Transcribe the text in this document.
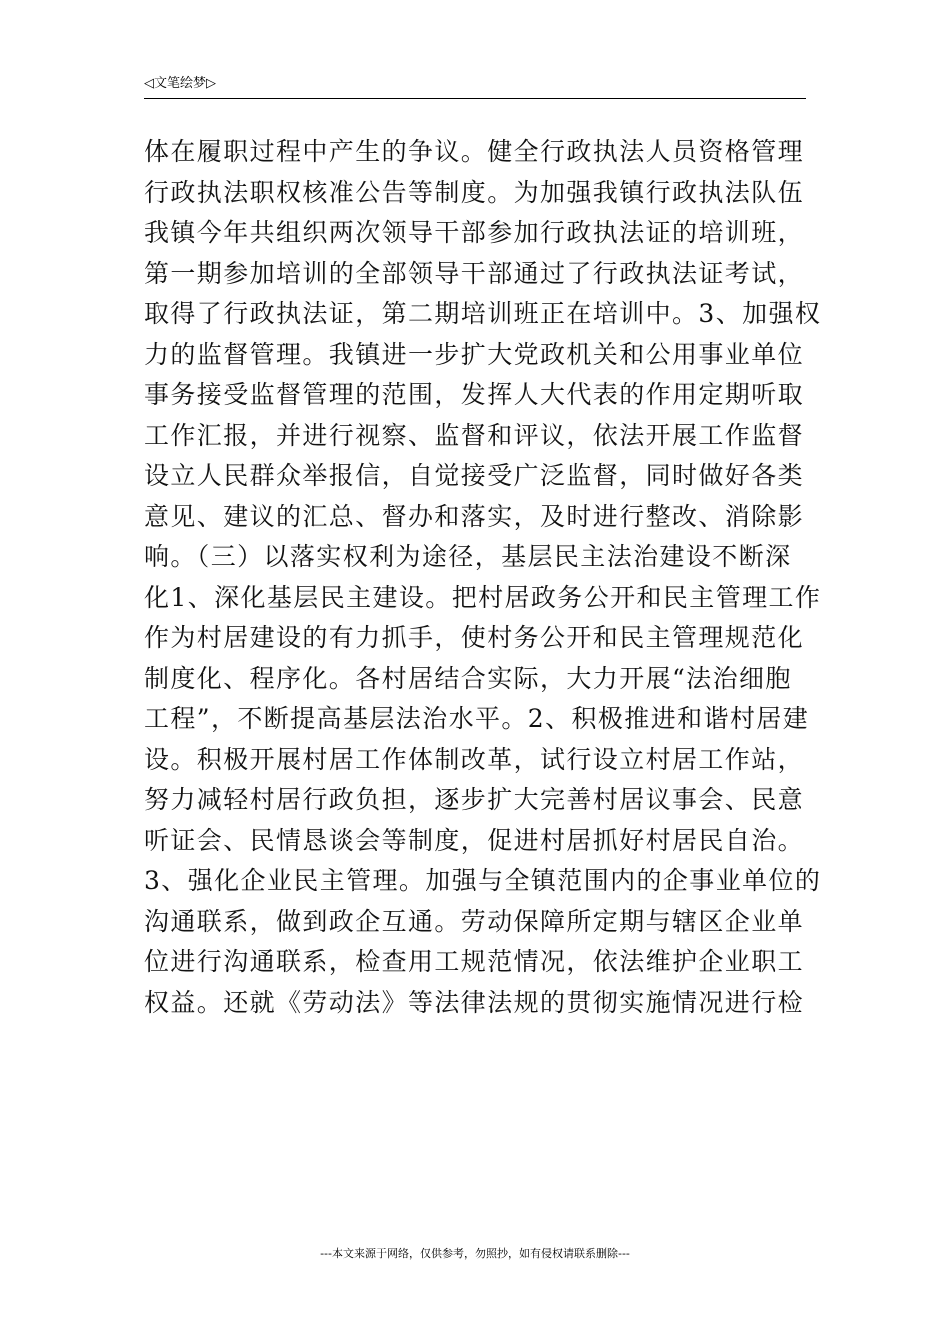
◁文笔绘梦▷
体在履职过程中产生的争议。健全行政执法人员资格管理
行政执法职权核准公告等制度。为加强我镇行政执法队伍
我镇今年共组织两次领导干部参加行政执法证的培训班，
第一期参加培训的全部领导干部通过了行政执法证考试，
取得了行政执法证，第二期培训班正在培训中。3、加强权
力的监督管理。我镇进一步扩大党政机关和公用事业单位
事务接受监督管理的范围，发挥人大代表的作用定期听取
工作汇报，并进行视察、监督和评议，依法开展工作监督
设立人民群众举报信，自觉接受广泛监督，同时做好各类
意见、建议的汇总、督办和落实，及时进行整改、消除影
响。（三）以落实权利为途径，基层民主法治建设不断深
化1、深化基层民主建设。把村居政务公开和民主管理工作
作为村居建设的有力抓手，使村务公开和民主管理规范化
制度化、程序化。各村居结合实际，大力开展“法治细胞
工程”，不断提高基层法治水平。2、积极推进和谐村居建
设。积极开展村居工作体制改革，试行设立村居工作站，
努力减轻村居行政负担，逐步扩大完善村居议事会、民意
听证会、民情恳谈会等制度，促进村居抓好村居民自治。
3、强化企业民主管理。加强与全镇范围内的企事业单位的
沟通联系，做到政企互通。劳动保障所定期与辖区企业单
位进行沟通联系，检查用工规范情况，依法维护企业职工
权益。还就《劳动法》等法律法规的贯彻实施情况进行检
---本文来源于网络，仅供参考，勿照抄，如有侵权请联系删除---
